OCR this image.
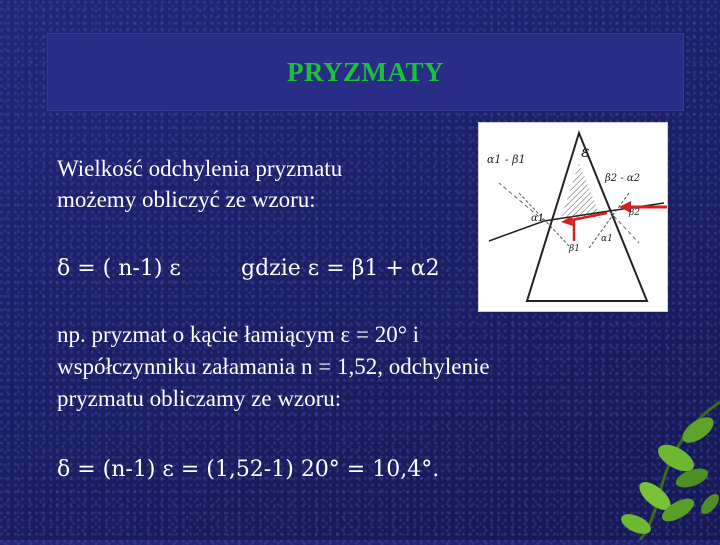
PRYZMATY
Wielkość odchylenia pryzmatu
możemy obliczyć ze wzoru:
δ = ( n-1) ε	gdzie ε = β1 + α2
np. pryzmat o kącie łamiącym ε = 20° i
współczynniku załamania n = 1,52, odchylenie
pryzmatu obliczamy ze wzoru:
δ = (n-1) ε = (1,52-1) 20° = 10,4°.
α1 - β1	ε
β2 - α2
α1
β1
α1
β2
